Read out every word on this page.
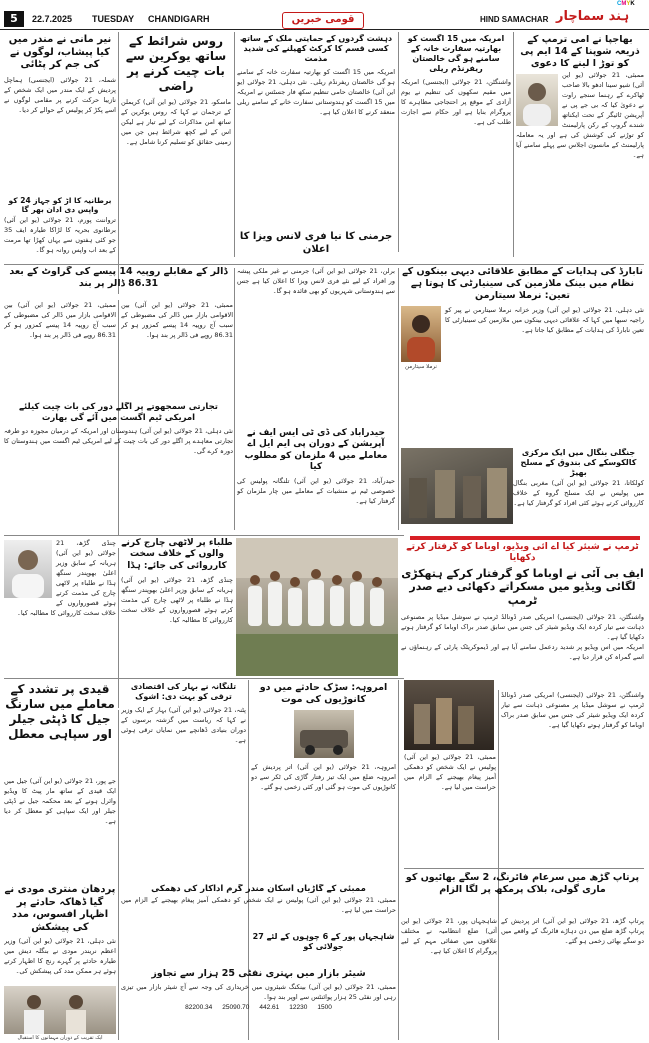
5	22.7.2025 TUESDAY CHANDIGARH	قومی خبریں	HIND SAMACHAR ہند سماچار
CMYK
بھاجپا نے امی ترمپ کے ذریعہ شوپنا کے 14 ایم پی کو توڑ ا لینے کا دعوی
ممبئی، 21 جولائی (یو این آئی) شیو سینا ادھو بالا صاحب ٹھاکرے کے رہنما سنجے راوت نے دعویٰ کیا کہ بی جے پی نے آپریشن ٹائیگر کے تحت ایکناتھ شندے گروپ کے رکن پارلیمنٹ کو توڑنے کی کوشش کی ہے اور یہ معاملہ پارلیمنٹ کے مانسون اجلاس سے پہلے سامنے آیا ہے۔
امریکہ میں 15 اگست کو بھارتیہ سفارت خانہ کے سامنے ہو گی خالصتان ریفرنڈم ریلی
واشنگٹن، 21 جولائی (ایجنسی) امریکہ میں مقیم سکھوں کی تنظیم نے یوم آزادی کے موقع پر احتجاجی مظاہرے کا پروگرام بنایا ہے اور حکام سے اجازت طلب کی ہے۔
دہشت گردوں کے حمایتی ملک کے ساتھ کسی قسم کا کرکٹ کھیلنے کی شدید مذمت
امریکہ میں 15 اگست کو بھارتیہ سفارت خانہ کے سامنے ہو گی خالصتان ریفرنڈم ریلی۔ نئی دہلی، 21 جولائی (یو این آئی) خالصتان حامی تنظیم سکھ فار جسٹس نے امریکہ میں 15 اگست کو ہندوستانی سفارت خانے کے سامنے ریلی منعقد کرنے کا اعلان کیا ہے۔
جرمنی کا نیا فری لانس ویزا کا اعلان
روس شرائط کے ساتھ یوکرین سے بات چیت کرنے پر راضی
ماسکو، 21 جولائی (یو این آئی) کریملن کے ترجمان نے کہا کہ روس یوکرین کے ساتھ امن مذاکرات کے لیے تیار ہے لیکن اس کے لیے کچھ شرائط ہیں جن میں زمینی حقائق کو تسلیم کرنا شامل ہے۔
نیر مانی نے مندر میں کیا پیشاب، لوگوں نے کی جم کر پٹائی
شملہ، 21 جولائی (ایجنسی) ہماچل پردیش کے ایک مندر میں ایک شخص کے نازیبا حرکت کرنے پر مقامی لوگوں نے اسے پکڑ کر پولیس کے حوالے کر دیا۔
برطانیہ کا اڑ کو جہاز 24 کو واپس دی ادان بھر گا
ترواننت پورم، 21 جولائی (یو این آئی) برطانوی بحریہ کا لڑاکا طیارہ ایف 35 جو کئی ہفتوں سے یہاں کھڑا تھا مرمت کے بعد اب واپس روانہ ہو گا۔
نابارڈ کی ہدایات کے مطابق علاقائی دیہی بینکوں کے نظام میں بینک ملازمین کی سینیارٹی کا ہوتا ہے تعین: نرملا سیتارمن
نرملا سیتارمن
نئی دہلی، 21 جولائی (یو این آئی) وزیر خزانہ نرملا سیتارمن نے پیر کو راجیہ سبھا میں کہا کہ علاقائی دیہی بینکوں میں ملازمین کی سینیارٹی کا تعین نابارڈ کی ہدایات کے مطابق کیا جاتا ہے۔
جنگلی بنگال میں ایک مرکزی کالکوسکے کی بندوق کے مسلح بھیڑ
کولکاتا، 21 جولائی (یو این آئی) مغربی بنگال میں پولیس نے ایک مسلح گروہ کے خلاف کارروائی کرتے ہوئے کئی افراد کو گرفتار کیا ہے۔
برلن، 21 جولائی (یو این آئی) جرمنی نے غیر ملکی پیشہ ور افراد کے لیے نئے فری لانس ویزا کا اعلان کیا ہے جس سے ہندوستانی شہریوں کو بھی فائدہ ہو گا۔
حیدرآباد کی ڈی ٹی ایس ایف نے آپریشن کے دوران پی ایم ایل اے معاملے میں 4 ملزمان کو مطلوب کیا
حیدرآباد، 21 جولائی (یو این آئی) تلنگانہ پولیس کی خصوصی ٹیم نے منشیات کے معاملے میں چار ملزمان کو گرفتار کیا ہے۔
ڈالر کے مقابلے روپیہ 14 پیسے کی گراوٹ کے بعد 86.31 ڈالر پر بند
ممبئی، 21 جولائی (یو این آئی) بین الاقوامی بازار میں ڈالر کی مضبوطی کے سبب آج روپیہ 14 پیسے کمزور ہو کر 86.31 روپے فی ڈالر پر بند ہوا۔
ممبئی، 21 جولائی (یو این آئی) بین الاقوامی بازار میں ڈالر کی مضبوطی کے سبب آج روپیہ 14 پیسے کمزور ہو کر 86.31 روپے فی ڈالر پر بند ہوا۔
تجارتی سمجھوتے پر اگلے دور کی بات چیت کیلئے امریکی ٹیم اگست میں آئے گی بھارت
نئی دہلی، 21 جولائی (یو این آئی) ہندوستان اور امریکہ کے درمیان مجوزہ دو طرفہ تجارتی معاہدے پر اگلے دور کی بات چیت کے لیے امریکی ٹیم اگست میں ہندوستان کا دورہ کرے گی۔
ٹرمپ نے شیئر کیا اے آئی ویڈیو، اوباما کو گرفتار کرتے دکھایا
ایف بی آئی نے اوباما کو گرفتار کرکے ہتھکڑی لگائی ویڈیو میں مسکراتے دکھائی دیے صدر ٹرمپ
واشنگٹن، 21 جولائی (ایجنسی) امریکی صدر ڈونالڈ ٹرمپ نے سوشل میڈیا پر مصنوعی ذہانت سے تیار کردہ ایک ویڈیو شیئر کی جس میں سابق صدر براک اوباما کو گرفتار ہوتے دکھایا گیا ہے۔
امریکہ میں اس ویڈیو پر شدید ردعمل سامنے آیا ہے اور ڈیموکریٹک پارٹی کے رہنماؤں نے اسے گمراہ کن قرار دیا ہے۔
طلباء پر لاٹھی چارج کرنے والوں کے خلاف سخت کارروائی کی جائے: ہڈا
چنڈی گڑھ، 21 جولائی (یو این آئی) ہریانہ کے سابق وزیر اعلیٰ بھوپندر سنگھ ہڈا نے طلباء پر لاٹھی چارج کی مذمت کرتے ہوئے قصورواروں کے خلاف سخت کارروائی کا مطالبہ کیا۔
چنڈی گڑھ، 21 جولائی (یو این آئی) ہریانہ کے سابق وزیر اعلیٰ بھوپندر سنگھ ہڈا نے طلباء پر لاٹھی چارج کی مذمت کرتے ہوئے قصورواروں کے خلاف سخت کارروائی کا مطالبہ کیا۔
قیدی پر تشدد کے معاملے میں سارنگ جیل کا ڈپٹی جیلر اور سپاہی معطل
جے پور، 21 جولائی (یو این آئی) جیل میں ایک قیدی کے ساتھ مار پیٹ کا ویڈیو وائرل ہونے کے بعد محکمہ جیل نے ڈپٹی جیلر اور ایک سپاہی کو معطل کر دیا ہے۔
تلنگانہ نے بہار کی اقتصادی ترقی کو بہت دی: اشوک
پٹنہ، 21 جولائی (یو این آئی) بہار کے ایک وزیر نے کہا کہ ریاست میں گزشتہ برسوں کے دوران بنیادی ڈھانچے میں نمایاں ترقی ہوئی ہے۔
امروہہ: سڑک حادثے میں دو کانوڑیوں کی موت
امروہہ، 21 جولائی (یو این آئی) اتر پردیش کے امروہہ ضلع میں ایک تیز رفتار گاڑی کی ٹکر سے دو کانوڑیوں کی موت ہو گئی اور کئی زخمی ہو گئے۔
پرتاپ گڑھ میں سرعام فائرنگ، 2 سگے بھائیوں کو ماری گولی، بلاک پرمکھ پر لگا الزام
پرتاپ گڑھ، 21 جولائی (یو این آئی) اتر پردیش کے پرتاپ گڑھ ضلع میں دن دہاڑے فائرنگ کے واقعے میں دو سگے بھائی زخمی ہو گئے۔
ممبئی، 21 جولائی (یو این آئی) پولیس نے ایک شخص کو دھمکی آمیز پیغام بھیجنے کے الزام میں حراست میں لیا ہے۔
واشنگٹن، 21 جولائی (ایجنسی) امریکی صدر ڈونالڈ ٹرمپ نے سوشل میڈیا پر مصنوعی ذہانت سے تیار کردہ ایک ویڈیو شیئر کی جس میں سابق صدر براک اوباما کو گرفتار ہوتے دکھایا گیا ہے۔
ممبئی کے گاڑیاں اسکان مندر گرم اداکار کی دھمکی
ممبئی، 21 جولائی (یو این آئی) پولیس نے ایک شخص کو دھمکی آمیز پیغام بھیجنے کے الزام میں حراست میں لیا ہے۔
پردھان منتری مودی نے گیا ڈھاکہ حادثے پر اظہار افسوس، مدد کی پیشکش
نئی دہلی، 21 جولائی (یو این آئی) وزیر اعظم نریندر مودی نے بنگلہ دیش میں طیارہ حادثے پر گہرے رنج کا اظہار کرتے ہوئے ہر ممکن مدد کی پیشکش کی۔
شاہجہاں پور کے 6 چوہوں کے لئے 27 جولائی کو
شاہجہاں پور، 21 جولائی (یو این آئی) ضلع انتظامیہ نے مختلف علاقوں میں صفائی مہم کے لیے پروگرام کا اعلان کیا ہے۔
شیئر بازار میں بہتری نفٹی 25 ہزار سے تجاوز
ممبئی، 21 جولائی (یو این آئی) بینکنگ شیئروں میں خریداری کی وجہ سے آج شیئر بازار میں تیزی رہی اور نفٹی 25 ہزار پوائنٹس سے اوپر بند ہوا۔
82200.34 25090.70 442.61 12230 1500
ایک تقریب کے دوران مہمانوں کا استقبال
